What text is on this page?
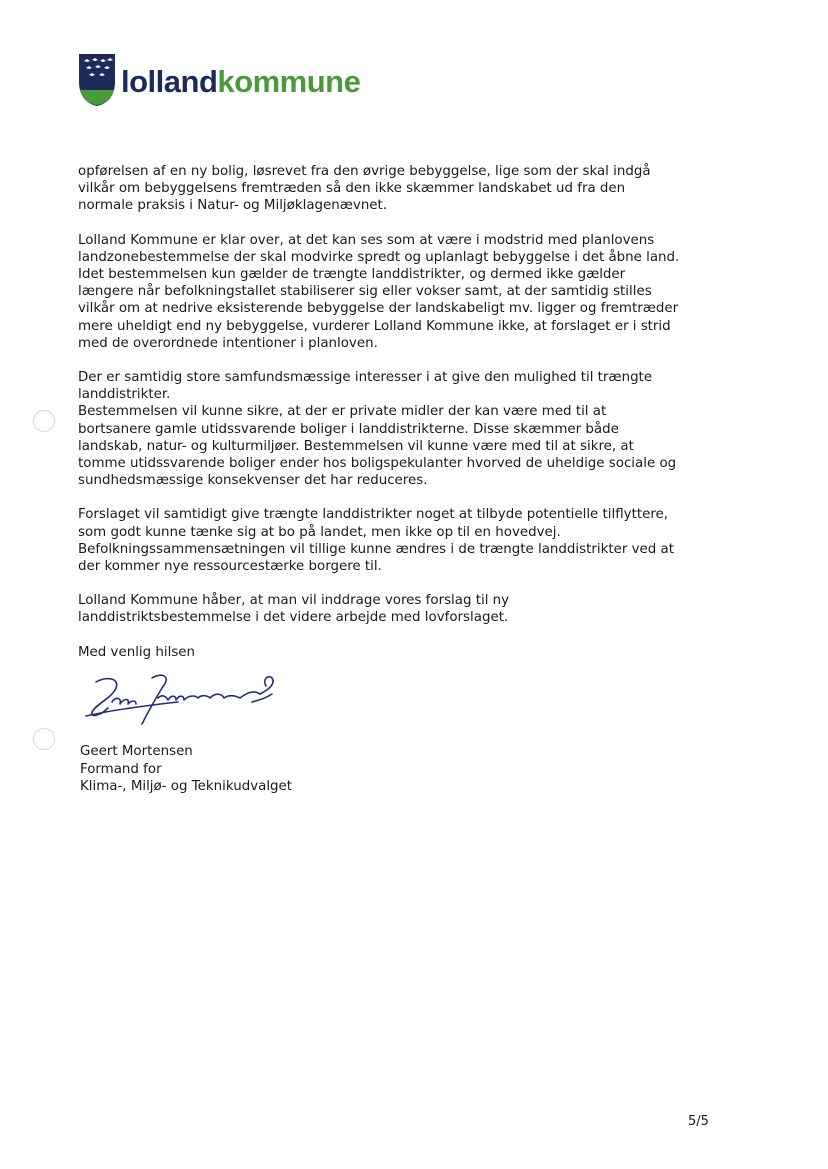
lollandkommune

opførelsen af en ny bolig, løsrevet fra den øvrige bebyggelse, lige som der skal indgå
vilkår om bebyggelsens fremtræden så den ikke skæmmer landskabet ud fra den
normale praksis i Natur- og Miljøklagenævnet.

Lolland Kommune er klar over, at det kan ses som at være i modstrid med planlovens
landzonebestemmelse der skal modvirke spredt og uplanlagt bebyggelse i det åbne land.
Idet bestemmelsen kun gælder de trængte landdistrikter, og dermed ikke gælder
længere når befolkningstallet stabiliserer sig eller vokser samt, at der samtidig stilles
vilkår om at nedrive eksisterende bebyggelse der landskabeligt mv. ligger og fremtræder
mere uheldigt end ny bebyggelse, vurderer Lolland Kommune ikke, at forslaget er i strid
med de overordnede intentioner i planloven.

Der er samtidig store samfundsmæssige interesser i at give den mulighed til trængte
landdistrikter.
Bestemmelsen vil kunne sikre, at der er private midler der kan være med til at
bortsanere gamle utidssvarende boliger i landdistrikterne. Disse skæmmer både
landskab, natur- og kulturmiljøer. Bestemmelsen vil kunne være med til at sikre, at
tomme utidssvarende boliger ender hos boligspekulanter hvorved de uheldige sociale og
sundhedsmæssige konsekvenser det har reduceres.

Forslaget vil samtidigt give trængte landdistrikter noget at tilbyde potentielle tilflyttere,
som godt kunne tænke sig at bo på landet, men ikke op til en hovedvej.
Befolkningssammensætningen vil tillige kunne ændres i de trængte landdistrikter ved at
der kommer nye ressourcestærke borgere til.

Lolland Kommune håber, at man vil inddrage vores forslag til ny
landdistriktsbestemmelse i det videre arbejde med lovforslaget.

Med venlig hilsen

Geert Mortensen
Formand for
Klima-, Miljø- og Teknikudvalget
5/5
